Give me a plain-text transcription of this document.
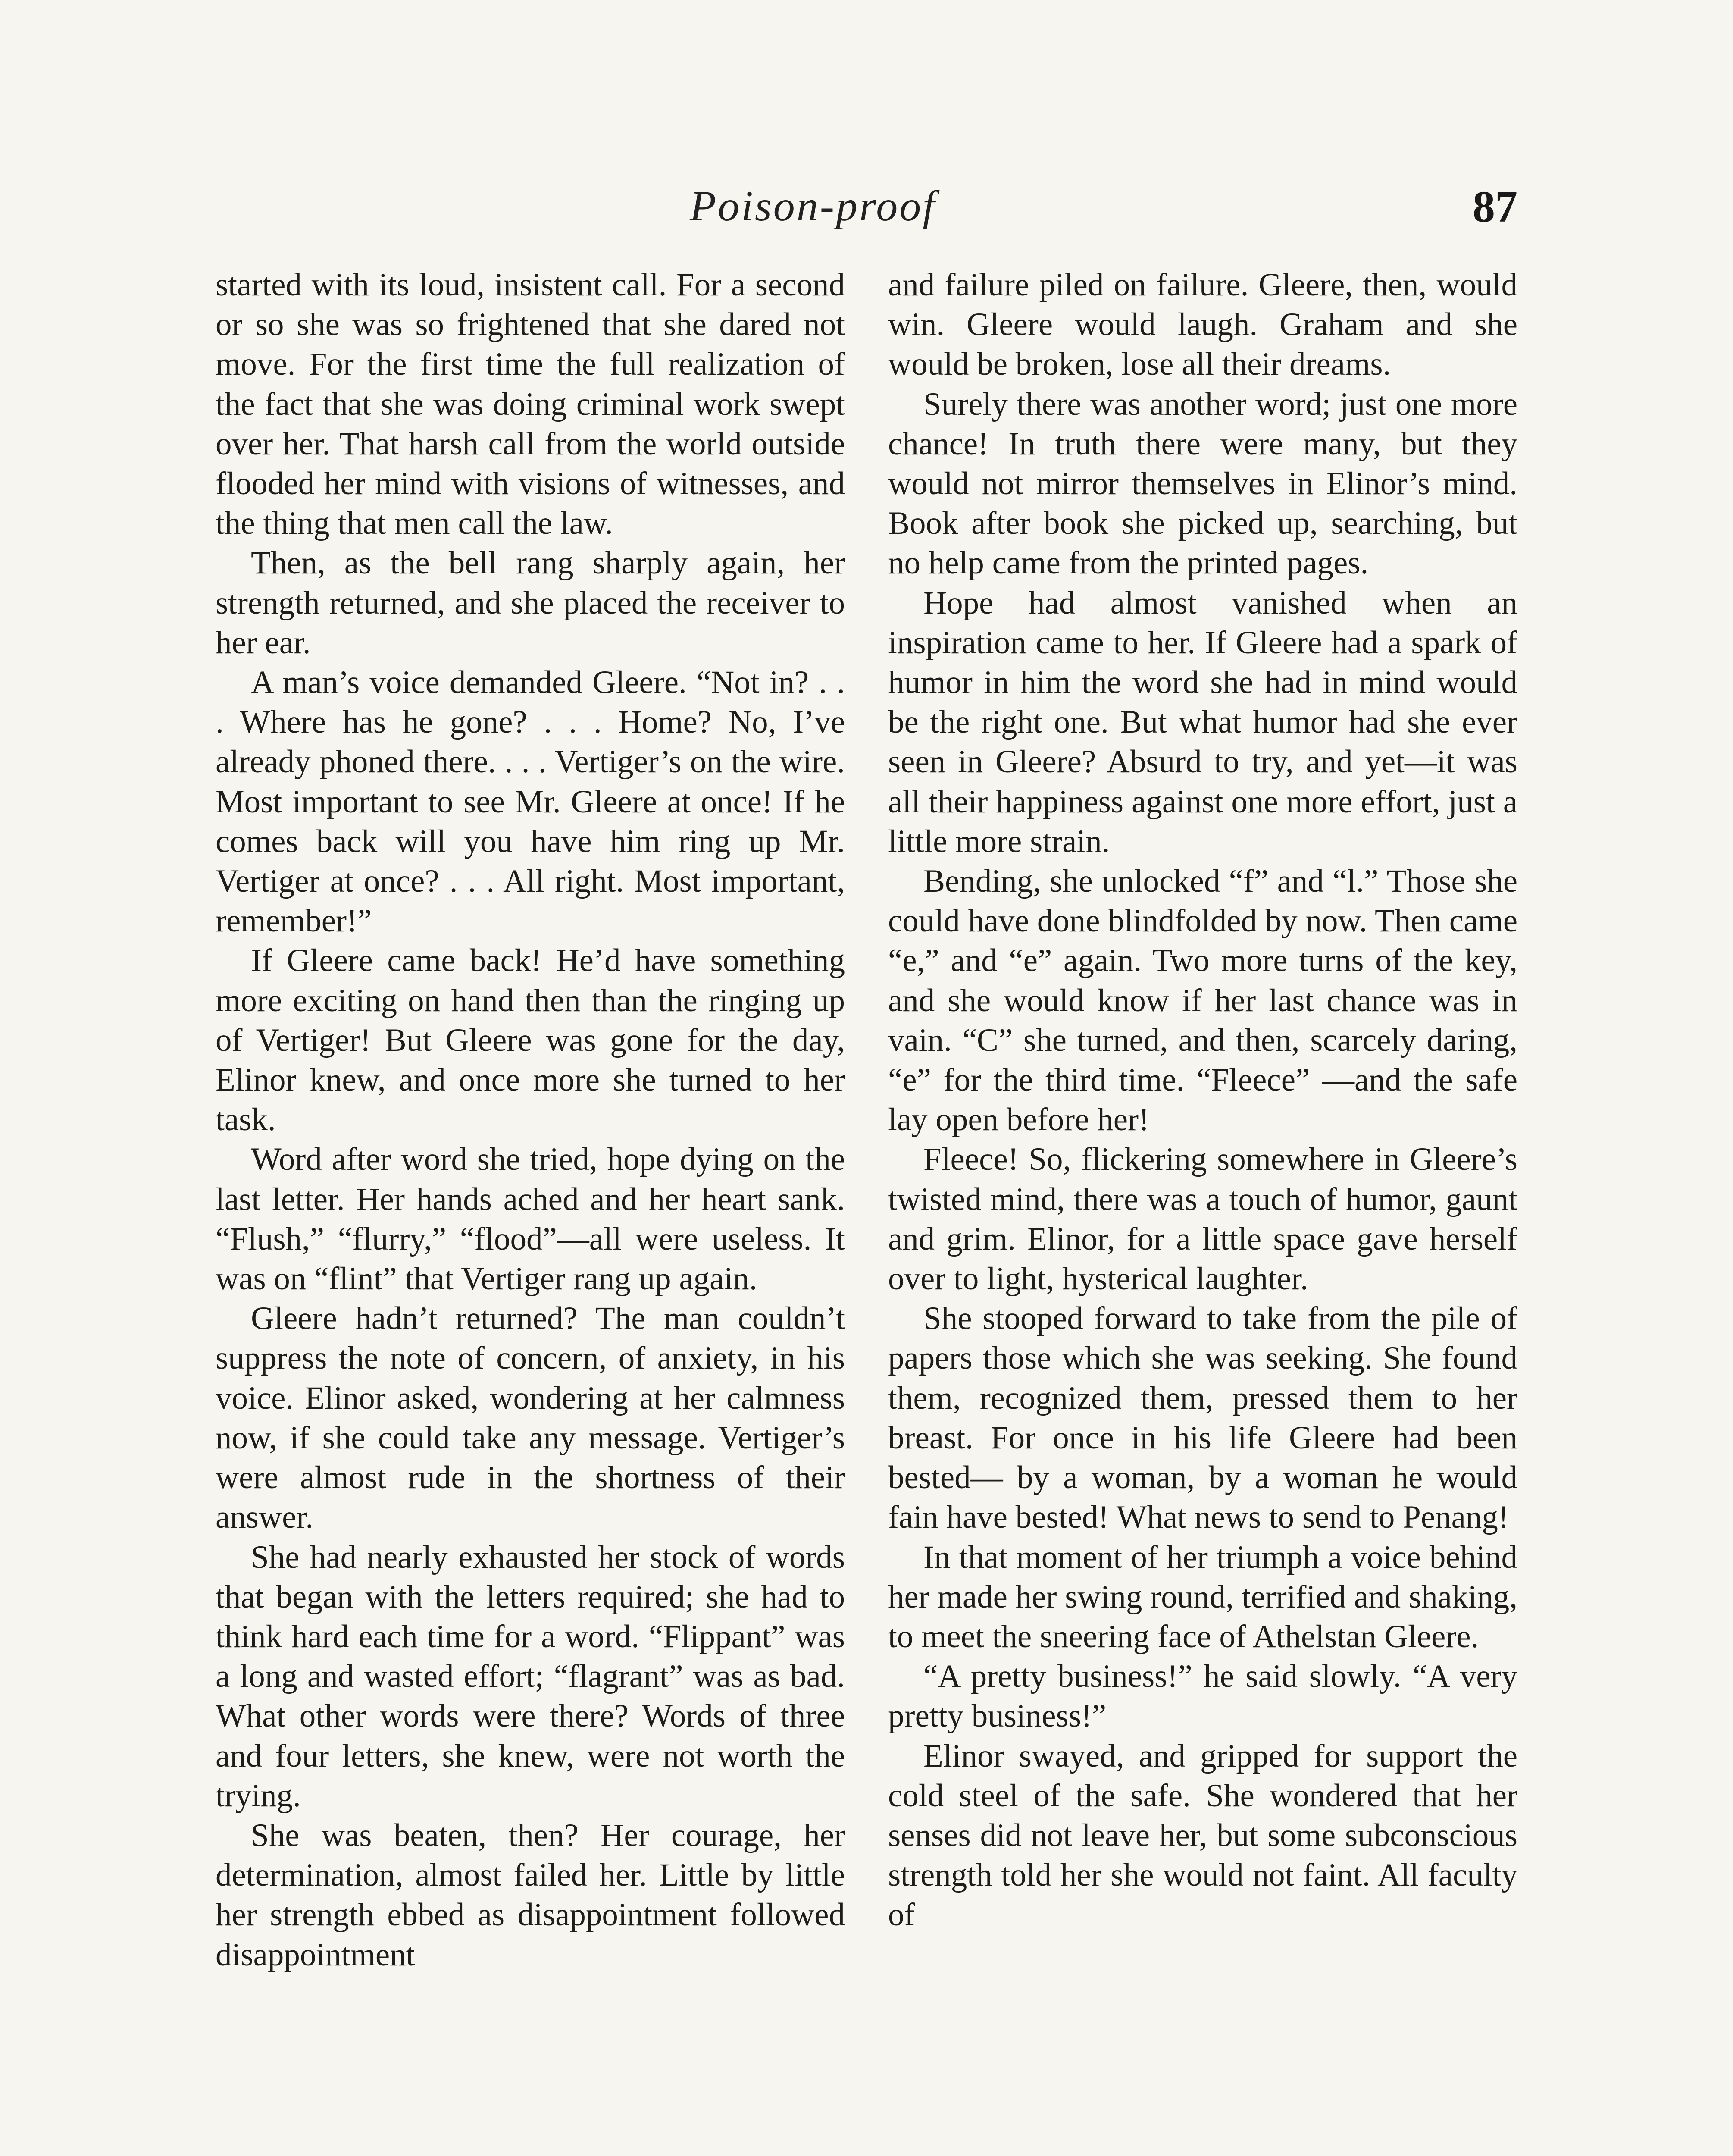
Poison-proof	87

started with its loud, insistent call. For a second or so she was so frightened that she dared not move. For the first time the full realization of the fact that she was doing criminal work swept over her. That harsh call from the world outside flooded her mind with visions of witnesses, and the thing that men call the law.

Then, as the bell rang sharply again, her strength returned, and she placed the receiver to her ear.

A man’s voice demanded Gleere. “Not in? . . . Where has he gone? . . . Home? No, I’ve already phoned there. . . . Vertiger’s on the wire. Most important to see Mr. Gleere at once! If he comes back will you have him ring up Mr. Vertiger at once? . . . All right. Most important, remember!”

If Gleere came back! He’d have something more exciting on hand then than the ringing up of Vertiger! But Gleere was gone for the day, Elinor knew, and once more she turned to her task.

Word after word she tried, hope dying on the last letter. Her hands ached and her heart sank. “Flush,” “flurry,” “flood”—all were useless. It was on “flint” that Vertiger rang up again.

Gleere hadn’t returned? The man couldn’t suppress the note of concern, of anxiety, in his voice. Elinor asked, wondering at her calmness now, if she could take any message. Vertiger’s were almost rude in the shortness of their answer.

She had nearly exhausted her stock of words that began with the letters required; she had to think hard each time for a word. “Flippant” was a long and wasted effort; “flagrant” was as bad. What other words were there? Words of three and four letters, she knew, were not worth the trying.

She was beaten, then? Her courage, her determination, almost failed her. Little by little her strength ebbed as disappointment followed disappointment

and failure piled on failure. Gleere, then, would win. Gleere would laugh. Graham and she would be broken, lose all their dreams.

Surely there was another word; just one more chance! In truth there were many, but they would not mirror themselves in Elinor’s mind. Book after book she picked up, searching, but no help came from the printed pages.

Hope had almost vanished when an inspiration came to her. If Gleere had a spark of humor in him the word she had in mind would be the right one. But what humor had she ever seen in Gleere? Absurd to try, and yet—it was all their happiness against one more effort, just a little more strain.

Bending, she unlocked “f” and “l.” Those she could have done blindfolded by now. Then came “e,” and “e” again. Two more turns of the key, and she would know if her last chance was in vain. “C” she turned, and then, scarcely daring, “e” for the third time. “Fleece” —and the safe lay open before her!

Fleece! So, flickering somewhere in Gleere’s twisted mind, there was a touch of humor, gaunt and grim. Elinor, for a little space gave herself over to light, hysterical laughter.

She stooped forward to take from the pile of papers those which she was seeking. She found them, recognized them, pressed them to her breast. For once in his life Gleere had been bested— by a woman, by a woman he would fain have bested! What news to send to Penang!

In that moment of her triumph a voice behind her made her swing round, terrified and shaking, to meet the sneering face of Athelstan Gleere.

“A pretty business!” he said slowly. “A very pretty business!”

Elinor swayed, and gripped for support the cold steel of the safe. She wondered that her senses did not leave her, but some subconscious strength told her she would not faint. All faculty of
